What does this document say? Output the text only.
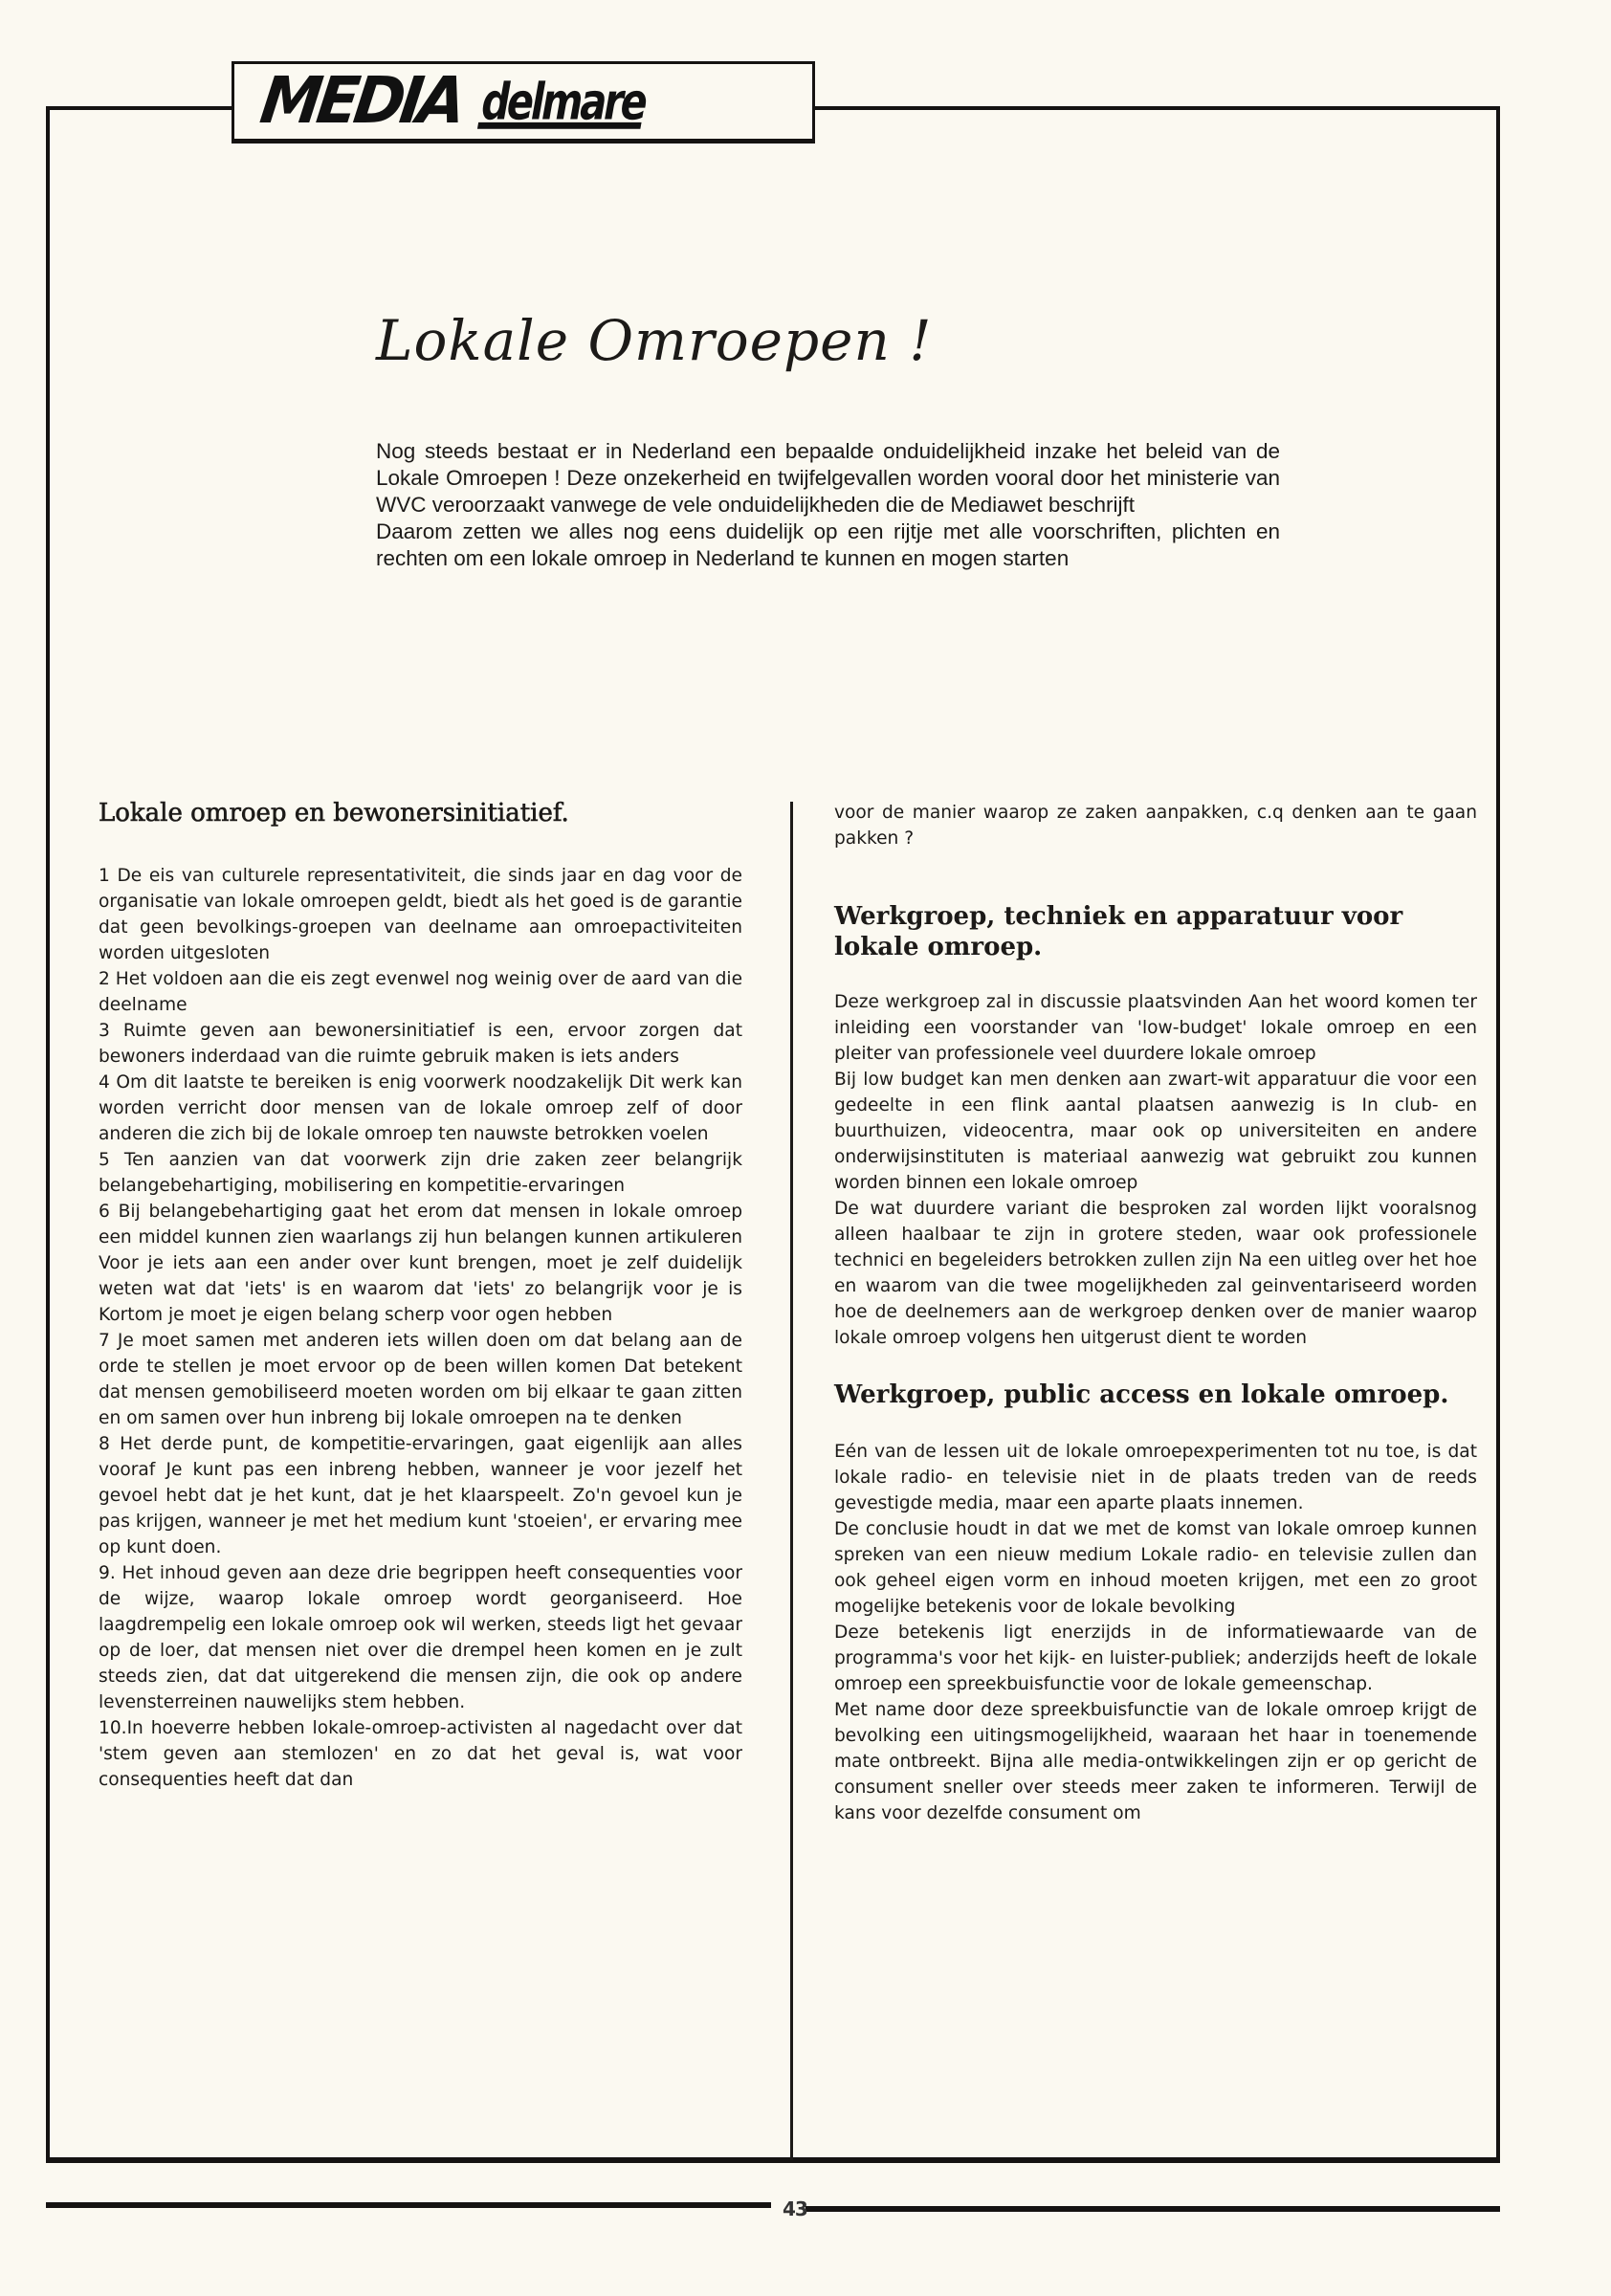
MEDIA delmare
Lokale Omroepen !

Nog steeds bestaat er in Nederland een bepaalde onduidelijkheid inzake het beleid van de Lokale Omroepen ! Deze onzekerheid en twijfelgevallen worden vooral door het ministerie van WVC veroorzaakt vanwege de vele onduidelijkheden die de Mediawet beschrijft

Daarom zetten we alles nog eens duidelijk op een rijtje met alle voorschriften, plichten en rechten om een lokale omroep in Nederland te kunnen en mogen starten

Lokale omroep en bewonersinitiatief.

1 De eis van culturele representativiteit, die sinds jaar en dag voor de organisatie van lokale omroepen geldt, biedt als het goed is de garantie dat geen bevolkings-groepen van deelname aan omroepactiviteiten worden uitgesloten

2 Het voldoen aan die eis zegt evenwel nog weinig over de aard van die deelname

3 Ruimte geven aan bewonersinitiatief is een, ervoor zorgen dat bewoners inderdaad van die ruimte gebruik maken is iets anders

4 Om dit laatste te bereiken is enig voorwerk noodzakelijk Dit werk kan worden verricht door mensen van de lokale omroep zelf of door anderen die zich bij de lokale omroep ten nauwste betrokken voelen

5 Ten aanzien van dat voorwerk zijn drie zaken zeer belangrijk belangebehartiging, mobilisering en kompetitie-ervaringen

6 Bij belangebehartiging gaat het erom dat mensen in lokale omroep een middel kunnen zien waarlangs zij hun belangen kunnen artikuleren Voor je iets aan een ander over kunt brengen, moet je zelf duidelijk weten wat dat 'iets' is en waarom dat 'iets' zo belangrijk voor je is Kortom je moet je eigen belang scherp voor ogen hebben

7 Je moet samen met anderen iets willen doen om dat belang aan de orde te stellen je moet ervoor op de been willen komen Dat betekent dat mensen gemobiliseerd moeten worden om bij elkaar te gaan zitten en om samen over hun inbreng bij lokale omroepen na te denken

8 Het derde punt, de kompetitie-ervaringen, gaat eigenlijk aan alles vooraf Je kunt pas een inbreng hebben, wanneer je voor jezelf het gevoel hebt dat je het kunt, dat je het klaarspeelt. Zo'n gevoel kun je pas krijgen, wanneer je met het medium kunt 'stoeien', er ervaring mee op kunt doen.

9. Het inhoud geven aan deze drie begrippen heeft consequenties voor de wijze, waarop lokale omroep wordt georganiseerd. Hoe laagdrempelig een lokale omroep ook wil werken, steeds ligt het gevaar op de loer, dat mensen niet over die drempel heen komen en je zult steeds zien, dat dat uitgerekend die mensen zijn, die ook op andere levensterreinen nauwelijks stem hebben.

10.In hoeverre hebben lokale-omroep-activisten al nagedacht over dat 'stem geven aan stemlozen' en zo dat het geval is, wat voor consequenties heeft dat dan

voor de manier waarop ze zaken aanpakken, c.q denken aan te gaan pakken ?

Werkgroep, techniek en apparatuur voor lokale omroep.

Deze werkgroep zal in discussie plaatsvinden Aan het woord komen ter inleiding een voorstander van 'low-budget' lokale omroep en een pleiter van professionele veel duurdere lokale omroep

Bij low budget kan men denken aan zwart-wit apparatuur die voor een gedeelte in een flink aantal plaatsen aanwezig is In club- en buurthuizen, videocentra, maar ook op universiteiten en andere onderwijsinstituten is materiaal aanwezig wat gebruikt zou kunnen worden binnen een lokale omroep

De wat duurdere variant die besproken zal worden lijkt vooralsnog alleen haalbaar te zijn in grotere steden, waar ook professionele technici en begeleiders betrokken zullen zijn Na een uitleg over het hoe en waarom van die twee mogelijkheden zal geinventariseerd worden hoe de deelnemers aan de werkgroep denken over de manier waarop lokale omroep volgens hen uitgerust dient te worden

Werkgroep, public access en lokale omroep.

Eén van de lessen uit de lokale omroepexperimenten tot nu toe, is dat lokale radio- en televisie niet in de plaats treden van de reeds gevestigde media, maar een aparte plaats innemen.

De conclusie houdt in dat we met de komst van lokale omroep kunnen spreken van een nieuw medium Lokale radio- en televisie zullen dan ook geheel eigen vorm en inhoud moeten krijgen, met een zo groot mogelijke betekenis voor de lokale bevolking

Deze betekenis ligt enerzijds in de informatiewaarde van de programma's voor het kijk- en luister-publiek; anderzijds heeft de lokale omroep een spreekbuisfunctie voor de lokale gemeenschap.

Met name door deze spreekbuisfunctie van de lokale omroep krijgt de bevolking een uitingsmogelijkheid, waaraan het haar in toenemende mate ontbreekt. Bijna alle media-ontwikkelingen zijn er op gericht de consument sneller over steeds meer zaken te informeren. Terwijl de kans voor dezelfde consument om

43
